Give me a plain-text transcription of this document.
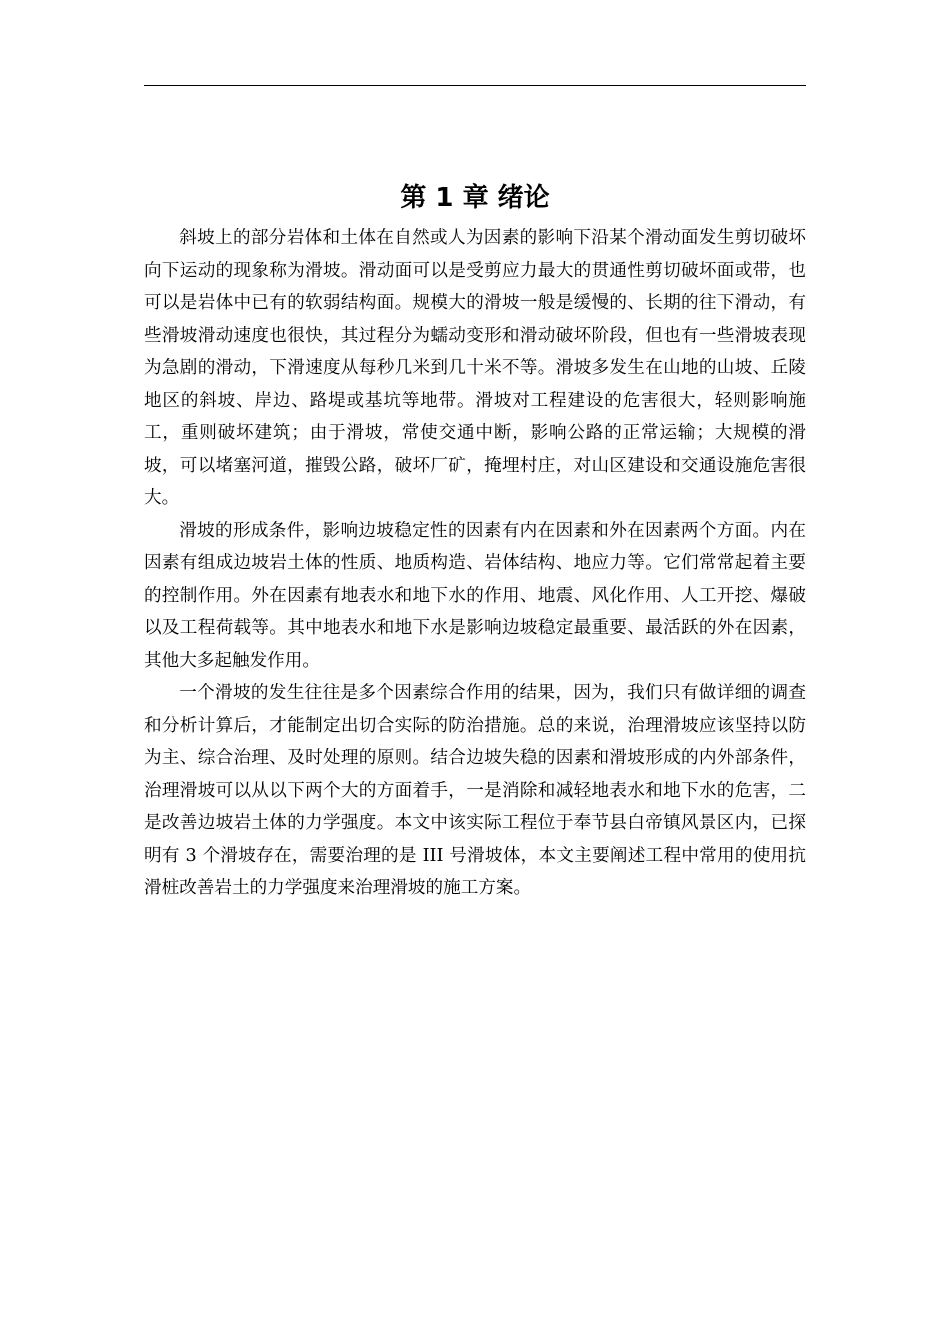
第 1 章 绪论

斜坡上的部分岩体和土体在自然或人为因素的影响下沿某个滑动面发生剪切破坏向下运动的现象称为滑坡。滑动面可以是受剪应力最大的贯通性剪切破坏面或带，也可以是岩体中已有的软弱结构面。规模大的滑坡一般是缓慢的、长期的往下滑动，有些滑坡滑动速度也很快，其过程分为蠕动变形和滑动破坏阶段，但也有一些滑坡表现为急剧的滑动，下滑速度从每秒几米到几十米不等。滑坡多发生在山地的山坡、丘陵地区的斜坡、岸边、路堤或基坑等地带。滑坡对工程建设的危害很大，轻则影响施工，重则破坏建筑；由于滑坡，常使交通中断，影响公路的正常运输；大规模的滑坡，可以堵塞河道，摧毁公路，破坏厂矿，掩埋村庄，对山区建设和交通设施危害很大。

滑坡的形成条件，影响边坡稳定性的因素有内在因素和外在因素两个方面。内在因素有组成边坡岩土体的性质、地质构造、岩体结构、地应力等。它们常常起着主要的控制作用。外在因素有地表水和地下水的作用、地震、风化作用、人工开挖、爆破以及工程荷载等。其中地表水和地下水是影响边坡稳定最重要、最活跃的外在因素，其他大多起触发作用。

一个滑坡的发生往往是多个因素综合作用的结果，因为，我们只有做详细的调查和分析计算后，才能制定出切合实际的防治措施。总的来说，治理滑坡应该坚持以防为主、综合治理、及时处理的原则。结合边坡失稳的因素和滑坡形成的内外部条件，治理滑坡可以从以下两个大的方面着手，一是消除和减轻地表水和地下水的危害，二是改善边坡岩土体的力学强度。本文中该实际工程位于奉节县白帝镇风景区内，已探明有 3 个滑坡存在，需要治理的是 III 号滑坡体，本文主要阐述工程中常用的使用抗滑桩改善岩土的力学强度来治理滑坡的施工方案。
